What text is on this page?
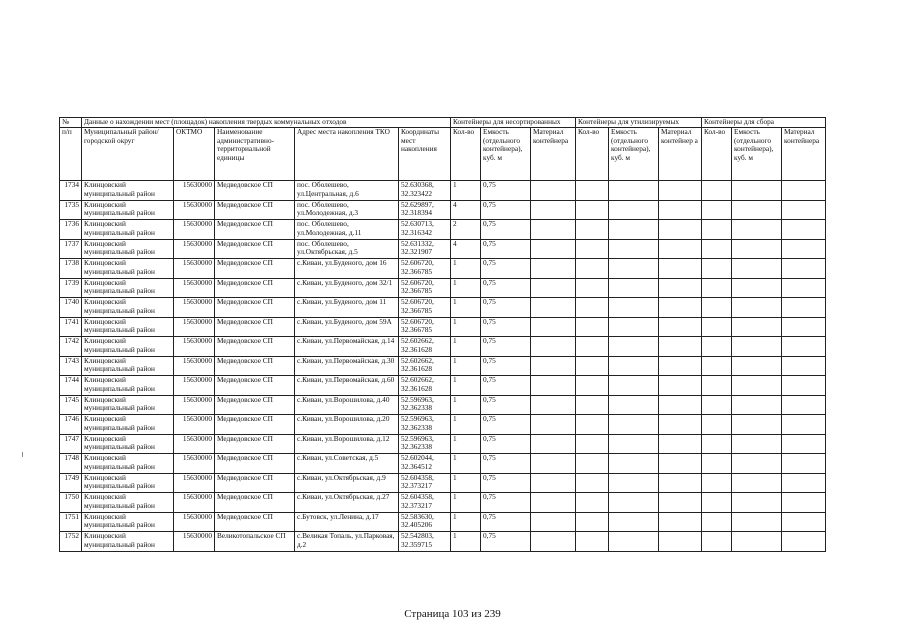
№	Данные о нахождении мест (площадок) накопления твердых коммунальных отходов					Контейнеры для несортированных			Контейнеры для утилизируемых			Контейнеры для сбора		
п/п	Муниципальный район/городской округ	ОКТМО	Наименование административно-территориальной единицы	Адрес места накопления ТКО	Координаты мест накопления	Кол-во	Емкость (отдельного контейнера), куб. м	Материал контейнера	Кол-во	Емкость (отдельного контейнера), куб. м	Материал контейнер а	Кол-во	Емкость (отдельного контейнера), куб. м	Материал контейнера
1734	Клинцовский муниципальный район	15630000	Медведовское СП	пос. Оболешево, ул.Центральная, д.6	52.630368, 32.323422	1	0,75							
1735	Клинцовский муниципальный район	15630000	Медведовское СП	пос. Оболешево, ул.Молодежная, д.3	52.629897, 32.318394	4	0,75							
1736	Клинцовский муниципальный район	15630000	Медведовское СП	пос. Оболешево, ул.Молодежная, д.11	52.630713, 32.316342	2	0,75							
1737	Клинцовский муниципальный район	15630000	Медведовское СП	пос. Оболешево, ул.Октябрьская, д.5	52.631332, 32.321907	4	0,75							
1738	Клинцовский муниципальный район	15630000	Медведовское СП	с.Киваи, ул.Буденого, дом 16	52.606720, 32.366785	1	0,75							
1739	Клинцовский муниципальный район	15630000	Медведовское СП	с.Киваи, ул.Буденого, дом 32/1	52.606720, 32.366785	1	0,75							
1740	Клинцовский муниципальный район	15630000	Медведовское СП	с.Киваи, ул.Буденого, дом 11	52.606720, 32.366785	1	0,75							
1741	Клинцовский муниципальный район	15630000	Медведовское СП	с.Киваи, ул.Буденого, дом 59А	52.606720, 32.366785	1	0,75							
1742	Клинцовский муниципальный район	15630000	Медведовское СП	с.Киваи, ул.Первомайская, д.14	52.602662, 32.361628	1	0,75							
1743	Клинцовский муниципальный район	15630000	Медведовское СП	с.Киваи, ул.Первомайская, д.30	52.602662, 32.361628	1	0,75							
1744	Клинцовский муниципальный район	15630000	Медведовское СП	с.Киваи, ул.Первомайская, д.60	52.602662, 32.361628	1	0,75							
1745	Клинцовский муниципальный район	15630000	Медведовское СП	с.Киваи, ул.Ворошилова, д.40	52.596963, 32.362338	1	0,75							
1746	Клинцовский муниципальный район	15630000	Медведовское СП	с.Киваи, ул.Ворошилова, д.20	52.596963, 32.362338	1	0,75							
1747	Клинцовский муниципальный район	15630000	Медведовское СП	с.Киваи, ул.Ворошилова, д.12	52.596963, 32.362338	1	0,75							
1748	Клинцовский муниципальный район	15630000	Медведовское СП	с.Киваи, ул.Советская, д.5	52.602044, 32.364512	1	0,75							
1749	Клинцовский муниципальный район	15630000	Медведовское СП	с.Киваи, ул.Октябрьская, д.9	52.604358, 32.373217	1	0,75							
1750	Клинцовский муниципальный район	15630000	Медведовское СП	с.Киваи, ул.Октябрьская, д.27	52.604358, 32.373217	1	0,75							
1751	Клинцовский муниципальный район	15630000	Медведовское СП	с.Бутовск, ул.Ленина, д.17	52.583630, 32.405206	1	0,75							
1752	Клинцовский муниципальный район	15630000	Великотопальское СП	с.Великая Топаль, ул.Парковая, д.2	52.542803, 32.359715	1	0,75							
Страница 103 из 239
